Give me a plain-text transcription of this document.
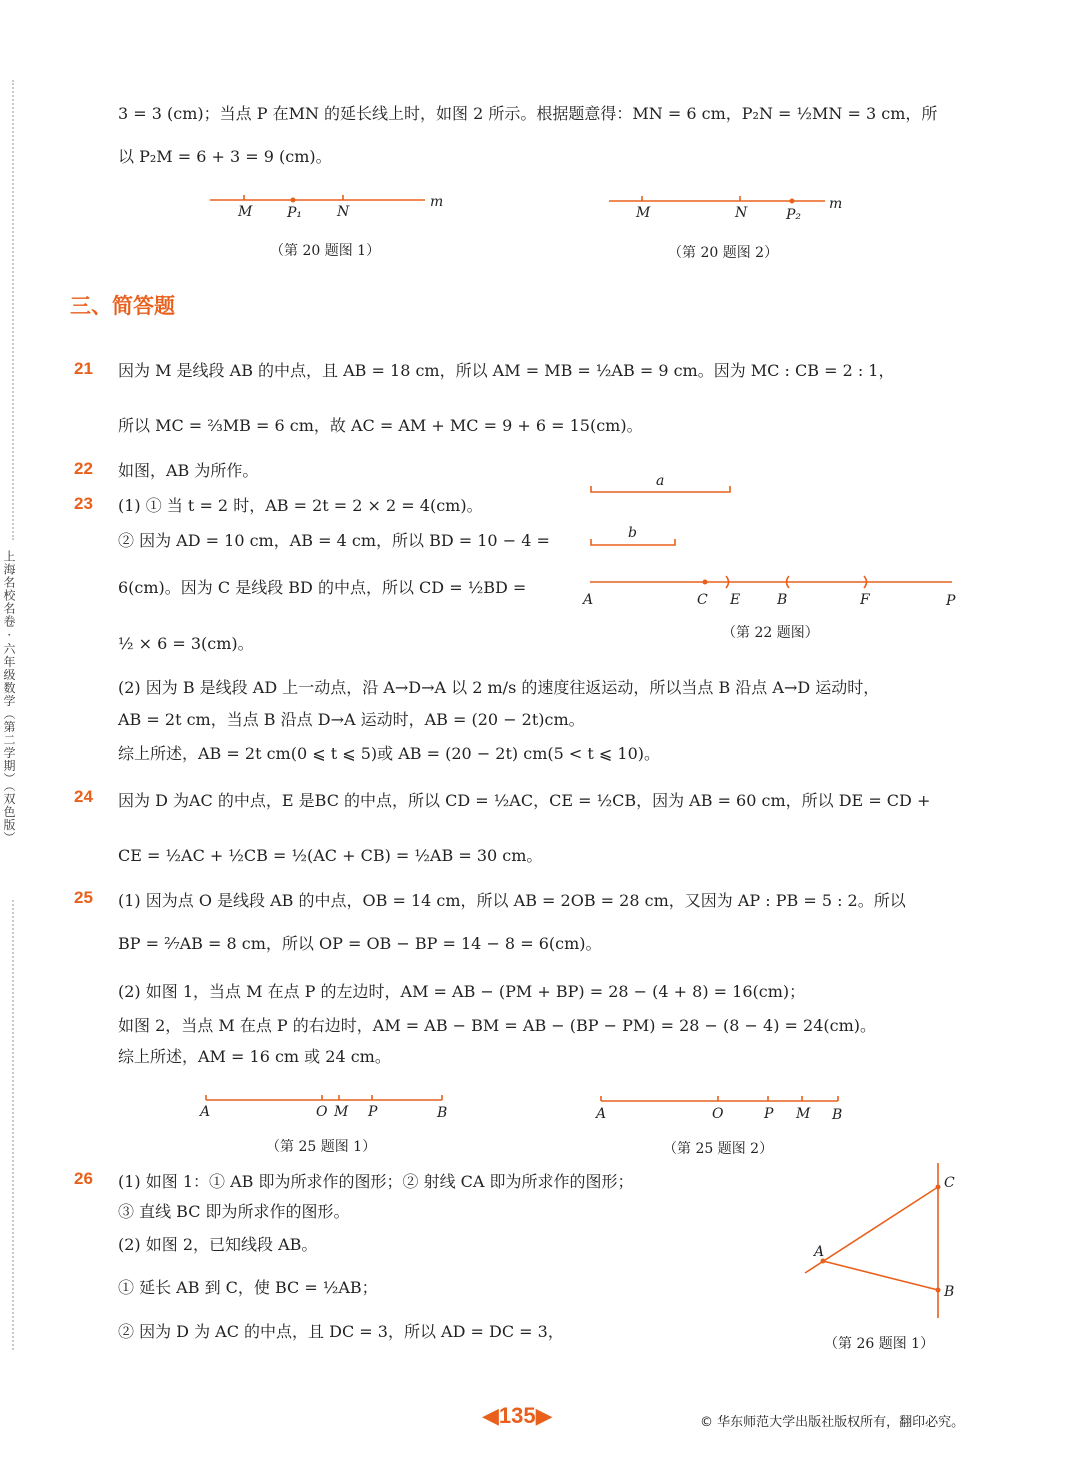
上海名校名卷 · 六年级数学（第二学期）（双色版）
3 = 3 (cm)；当点 P 在MN 的延长线上时，如图 2 所示。根据题意得：MN = 6 cm，P₂N = ½MN = 3 cm，所
以 P₂M = 6 + 3 = 9 (cm)。
（第 20 题图 1）	（第 20 题图 2）
三、简答题
21 因为 M 是线段 AB 的中点，且 AB = 18 cm，所以 AM = MB = ½AB = 9 cm。因为 MC : CB = 2 : 1，
所以 MC = ⅔MB = 6 cm，故 AC = AM + MC = 9 + 6 = 15(cm)。
22 如图，AB 为所作。
23 (1) ① 当 t = 2 时，AB = 2t = 2 × 2 = 4(cm)。
② 因为 AD = 10 cm，AB = 4 cm，所以 BD = 10 − 4 =
6(cm)。因为 C 是线段 BD 的中点，所以 CD = ½BD =
½ × 6 = 3(cm)。
（第 22 题图）
(2) 因为 B 是线段 AD 上一动点，沿 A→D→A 以 2 m/s 的速度往返运动，所以当点 B 沿点 A→D 运动时，
AB = 2t cm，当点 B 沿点 D→A 运动时，AB = (20 − 2t)cm。
综上所述，AB = 2t cm(0 ⩽ t ⩽ 5)或 AB = (20 − 2t) cm(5 < t ⩽ 10)。
24 因为 D 为AC 的中点，E 是BC 的中点，所以 CD = ½AC，CE = ½CB，因为 AB = 60 cm，所以 DE = CD +
CE = ½AC + ½CB = ½(AC + CB) = ½AB = 30 cm。
25 (1) 因为点 O 是线段 AB 的中点，OB = 14 cm，所以 AB = 2OB = 28 cm，又因为 AP : PB = 5 : 2。所以
BP = ²⁄₇AB = 8 cm，所以 OP = OB − BP = 14 − 8 = 6(cm)。
(2) 如图 1，当点 M 在点 P 的左边时，AM = AB − (PM + BP) = 28 − (4 + 8) = 16(cm)；
如图 2，当点 M 在点 P 的右边时，AM = AB − BM = AB − (BP − PM) = 28 − (8 − 4) = 24(cm)。
综上所述，AM = 16 cm 或 24 cm。
（第 25 题图 1）	（第 25 题图 2）
26 (1) 如图 1：① AB 即为所求作的图形；② 射线 CA 即为所求作的图形；
③ 直线 BC 即为所求作的图形。
(2) 如图 2，已知线段 AB。
① 延长 AB 到 C，使 BC = ½AB；
② 因为 D 为 AC 的中点，且 DC = 3，所以 AD = DC = 3，
（第 26 题图 1）
◀135▶	© 华东师范大学出版社版权所有，翻印必究。
M P₁ N
m
M	N	P₂
m
a
b
A	C E	B	F	P
A	O M P	B	A	O	P M B
C
A
B
